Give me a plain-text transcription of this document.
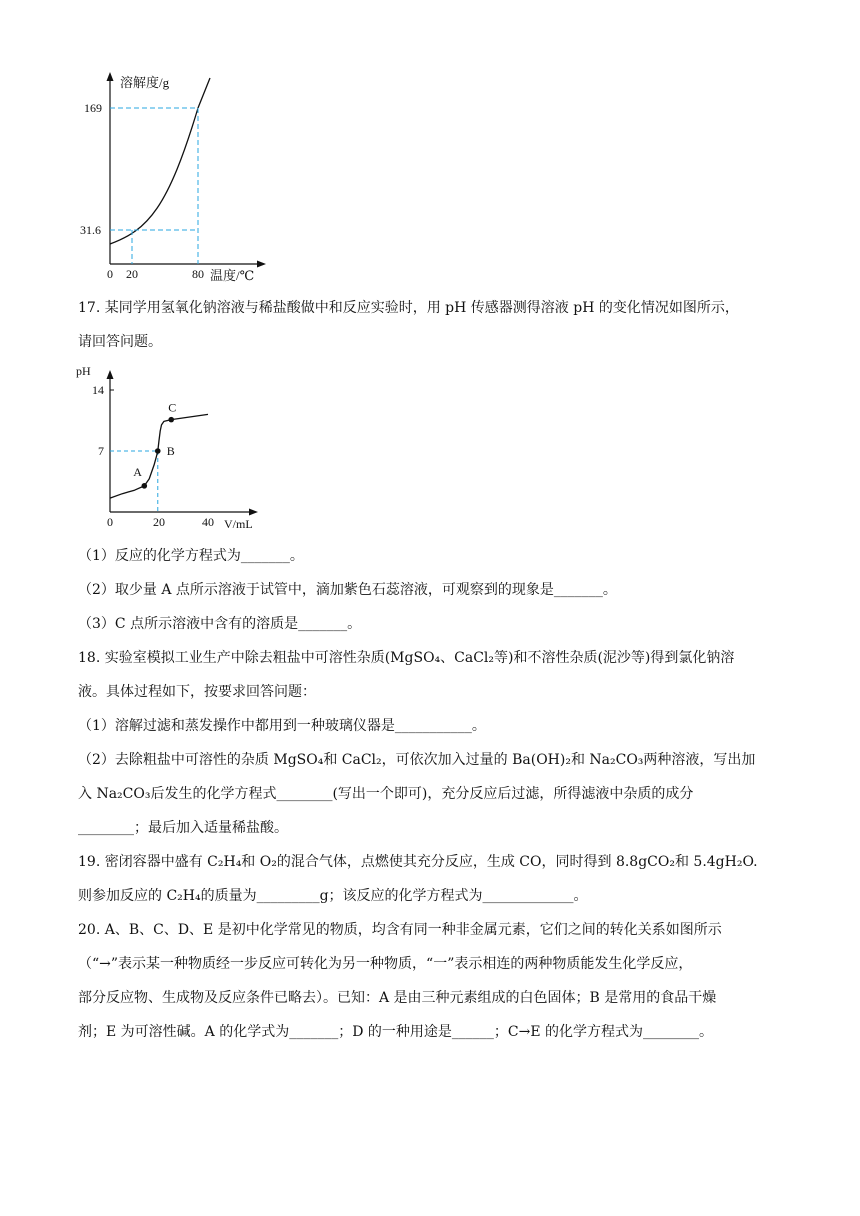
溶解度/g
169
31.6
0 20	80 温度/℃
17. 某同学用氢氧化钠溶液与稀盐酸做中和反应实验时，用 pH 传感器测得溶液 pH 的变化情况如图所示，
请回答问题。
pH
V/mL
7
14
0	20	40
A
B
C
（1）反应的化学方程式为_______。
（2）取少量 A 点所示溶液于试管中，滴加紫色石蕊溶液，可观察到的现象是_______。
（3）C 点所示溶液中含有的溶质是_______。
18. 实验室模拟工业生产中除去粗盐中可溶性杂质(MgSO₄、CaCl₂等)和不溶性杂质(泥沙等)得到氯化钠溶
液。具体过程如下，按要求回答问题：
（1）溶解过滤和蒸发操作中都用到一种玻璃仪器是___________。
（2）去除粗盐中可溶性的杂质 MgSO₄和 CaCl₂，可依次加入过量的 Ba(OH)₂和 Na₂CO₃两种溶液，写出加
入 Na₂CO₃后发生的化学方程式________(写出一个即可)，充分反应后过滤，所得滤液中杂质的成分
________；最后加入适量稀盐酸。
19. 密闭容器中盛有 C₂H₄和 O₂的混合气体，点燃使其充分反应，生成 CO，同时得到 8.8gCO₂和 5.4gH₂O.
则参加反应的 C₂H₄的质量为_________g；该反应的化学方程式为_____________。
20. A、B、C、D、E 是初中化学常见的物质，均含有同一种非金属元素，它们之间的转化关系如图所示
（“→”表示某一种物质经一步反应可转化为另一种物质，“一”表示相连的两种物质能发生化学反应，
部分反应物、生成物及反应条件已略去）。已知：A 是由三种元素组成的白色固体；B 是常用的食品干燥
剂；E 为可溶性碱。A 的化学式为_______；D 的一种用途是______；C→E 的化学方程式为________。
